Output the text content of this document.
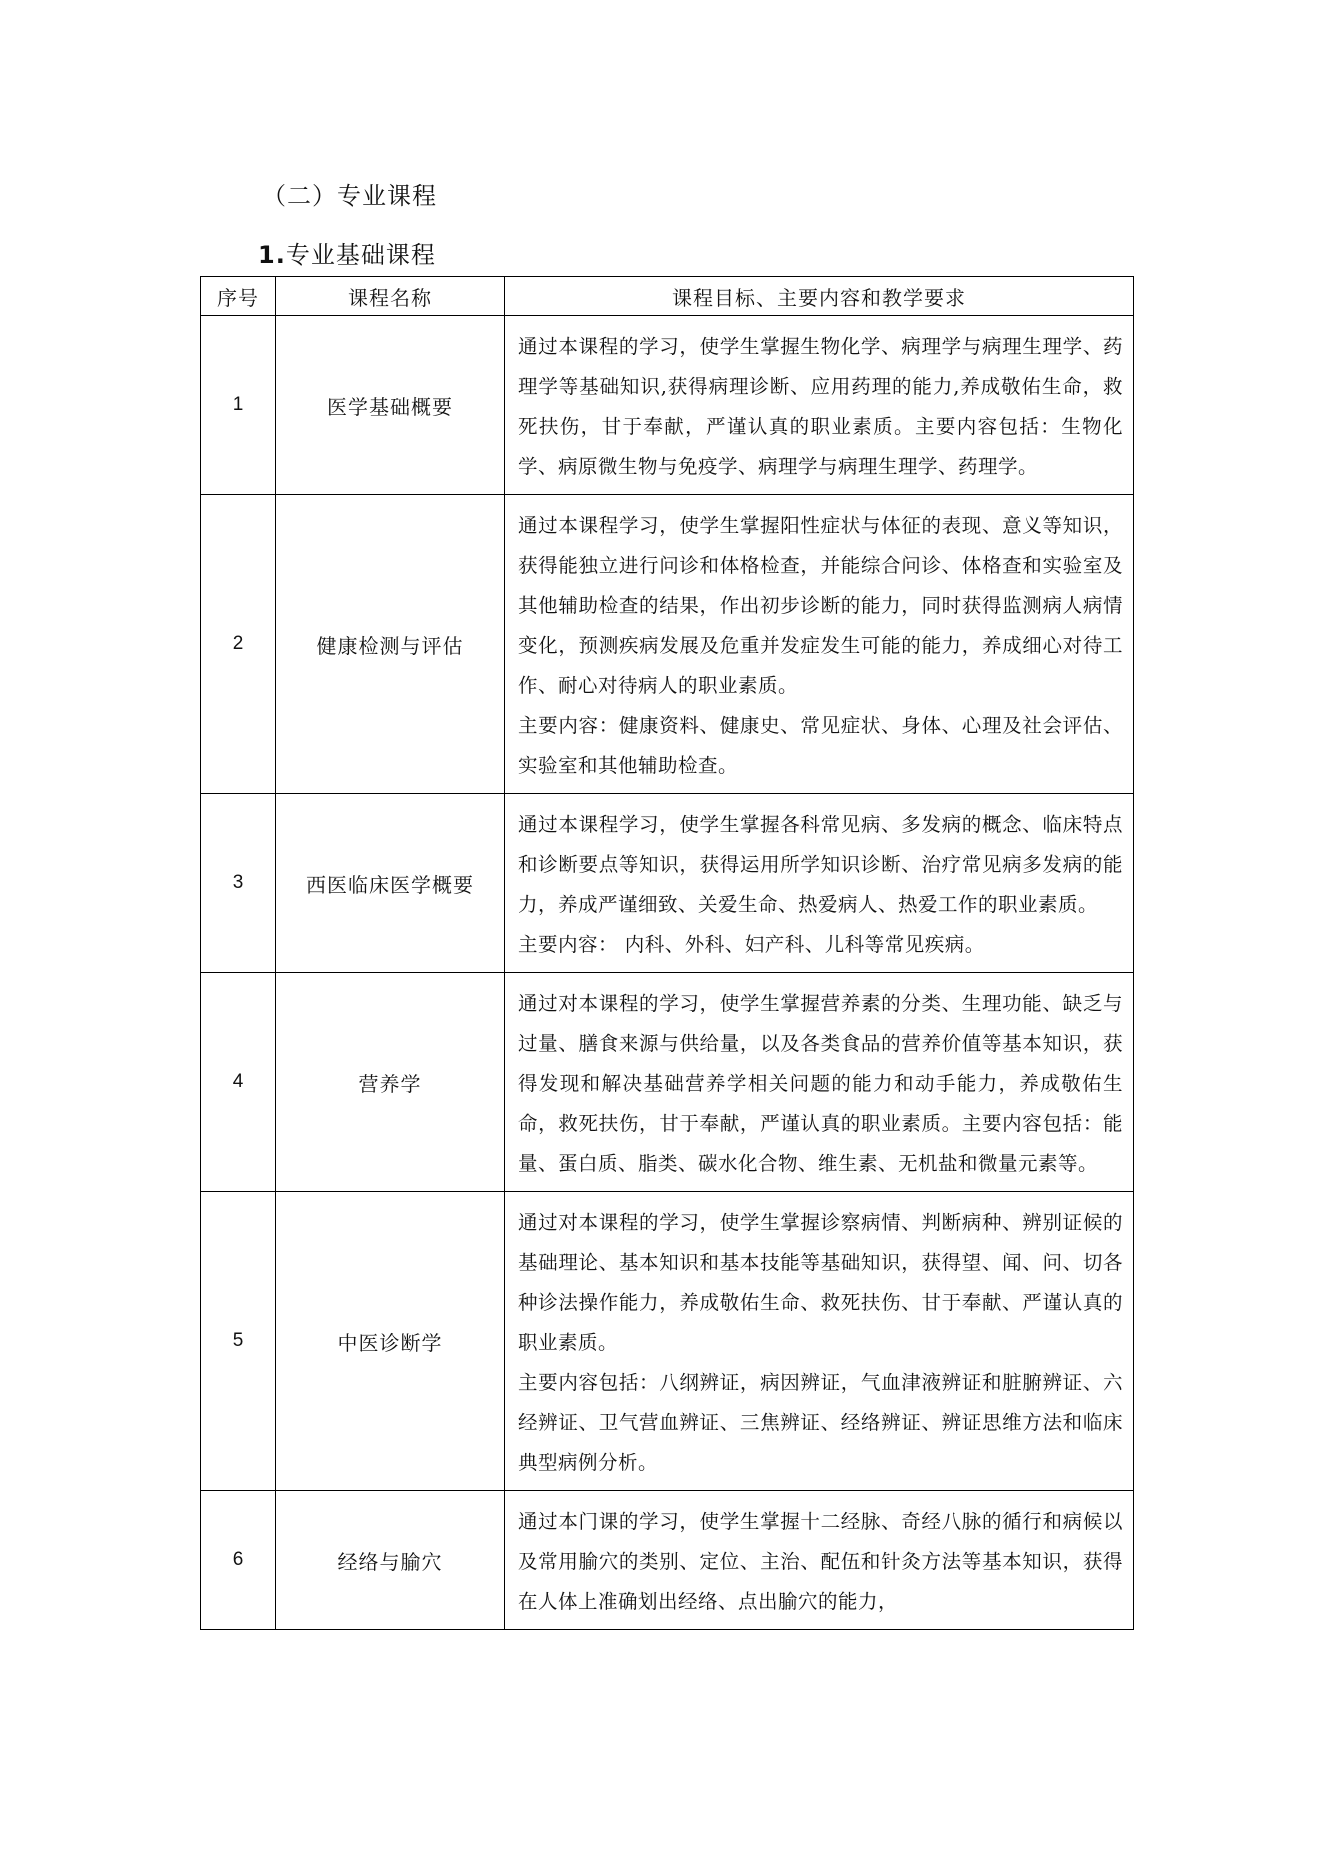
（二）专业课程
1.专业基础课程
序号	课程名称	课程目标、主要内容和教学要求
1	医学基础概要	通过本课程的学习，使学生掌握生物化学、病理学与病理生理学、药理学等基础知识,获得病理诊断、应用药理的能力,养成敬佑生命，救死扶伤，甘于奉献，严谨认真的职业素质。主要内容包括：生物化学、病原微生物与免疫学、病理学与病理生理学、药理学。

2	健康检测与评估	通过本课程学习，使学生掌握阳性症状与体征的表现、意义等知识，获得能独立进行问诊和体格检查，并能综合问诊、体格查和实验室及其他辅助检查的结果，作出初步诊断的能力，同时获得监测病人病情变化，预测疾病发展及危重并发症发生可能的能力，养成细心对待工作、耐心对待病人的职业素质。

主要内容：健康资料、健康史、常见症状、身体、心理及社会评估、实验室和其他辅助检查。

3	西医临床医学概要	通过本课程学习，使学生掌握各科常见病、多发病的概念、临床特点和诊断要点等知识，获得运用所学知识诊断、治疗常见病多发病的能力，养成严谨细致、关爱生命、热爱病人、热爱工作的职业素质。

主要内容： 内科、外科、妇产科、儿科等常见疾病。

4	营养学	通过对本课程的学习，使学生掌握营养素的分类、生理功能、缺乏与过量、膳食来源与供给量，以及各类食品的营养价值等基本知识，获得发现和解决基础营养学相关问题的能力和动手能力，养成敬佑生命，救死扶伤，甘于奉献，严谨认真的职业素质。主要内容包括：能量、蛋白质、脂类、碳水化合物、维生素、无机盐和微量元素等。

5	中医诊断学	通过对本课程的学习，使学生掌握诊察病情、判断病种、辨别证候的基础理论、基本知识和基本技能等基础知识，获得望、闻、问、切各种诊法操作能力，养成敬佑生命、救死扶伤、甘于奉献、严谨认真的职业素质。

主要内容包括：八纲辨证，病因辨证，气血津液辨证和脏腑辨证、六经辨证、卫气营血辨证、三焦辨证、经络辨证、辨证思维方法和临床典型病例分析。

6	经络与腧穴	通过本门课的学习，使学生掌握十二经脉、奇经八脉的循行和病候以及常用腧穴的类别、定位、主治、配伍和针灸方法等基本知识，获得在人体上准确划出经络、点出腧穴的能力，
